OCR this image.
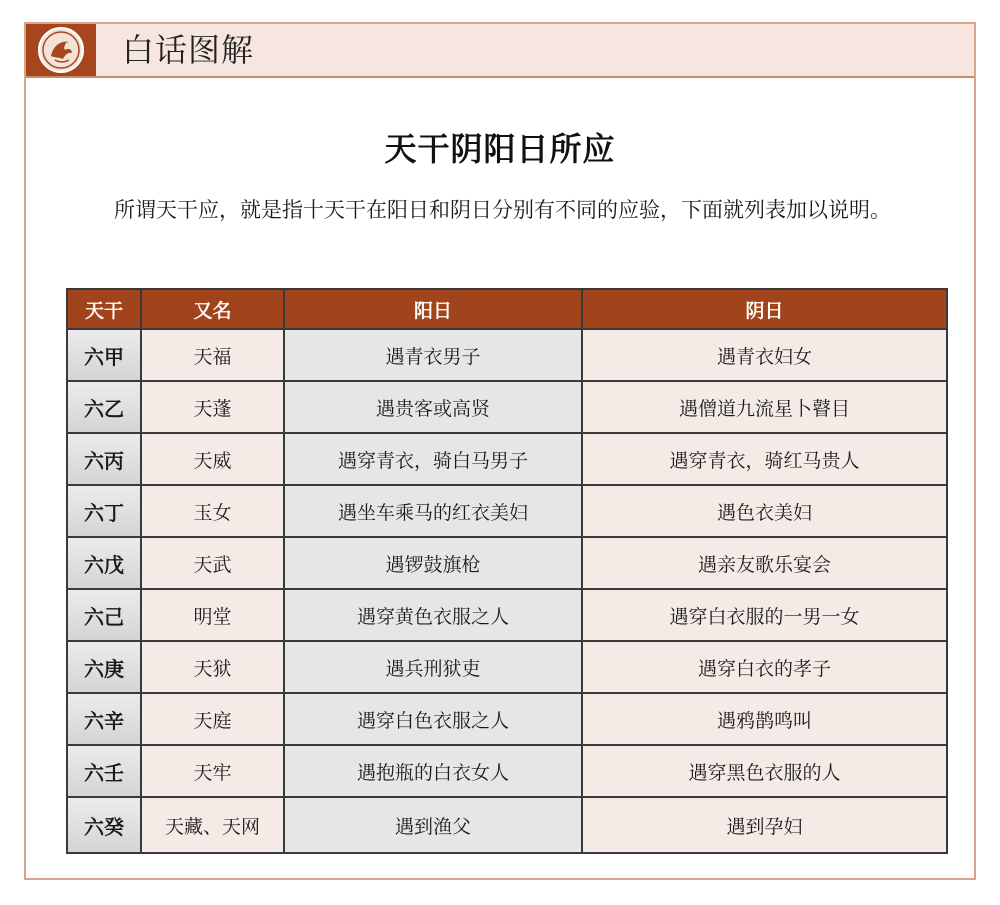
白话图解
天干阴阳日所应
所谓天干应，就是指十天干在阳日和阴日分别有不同的应验，下面就列表加以说明。
天干	又名	阳日	阴日
六甲	天福	遇青衣男子	遇青衣妇女
六乙	天蓬	遇贵客或高贤	遇僧道九流星卜瞽目
六丙	天威	遇穿青衣，骑白马男子	遇穿青衣，骑红马贵人
六丁	玉女	遇坐车乘马的红衣美妇	遇色衣美妇
六戊	天武	遇锣鼓旗枪	遇亲友歌乐宴会
六己	明堂	遇穿黄色衣服之人	遇穿白衣服的一男一女
六庚	天狱	遇兵刑狱吏	遇穿白衣的孝子
六辛	天庭	遇穿白色衣服之人	遇鸦鹊鸣叫
六壬	天牢	遇抱瓶的白衣女人	遇穿黑色衣服的人
六癸	天藏、天网	遇到渔父	遇到孕妇
